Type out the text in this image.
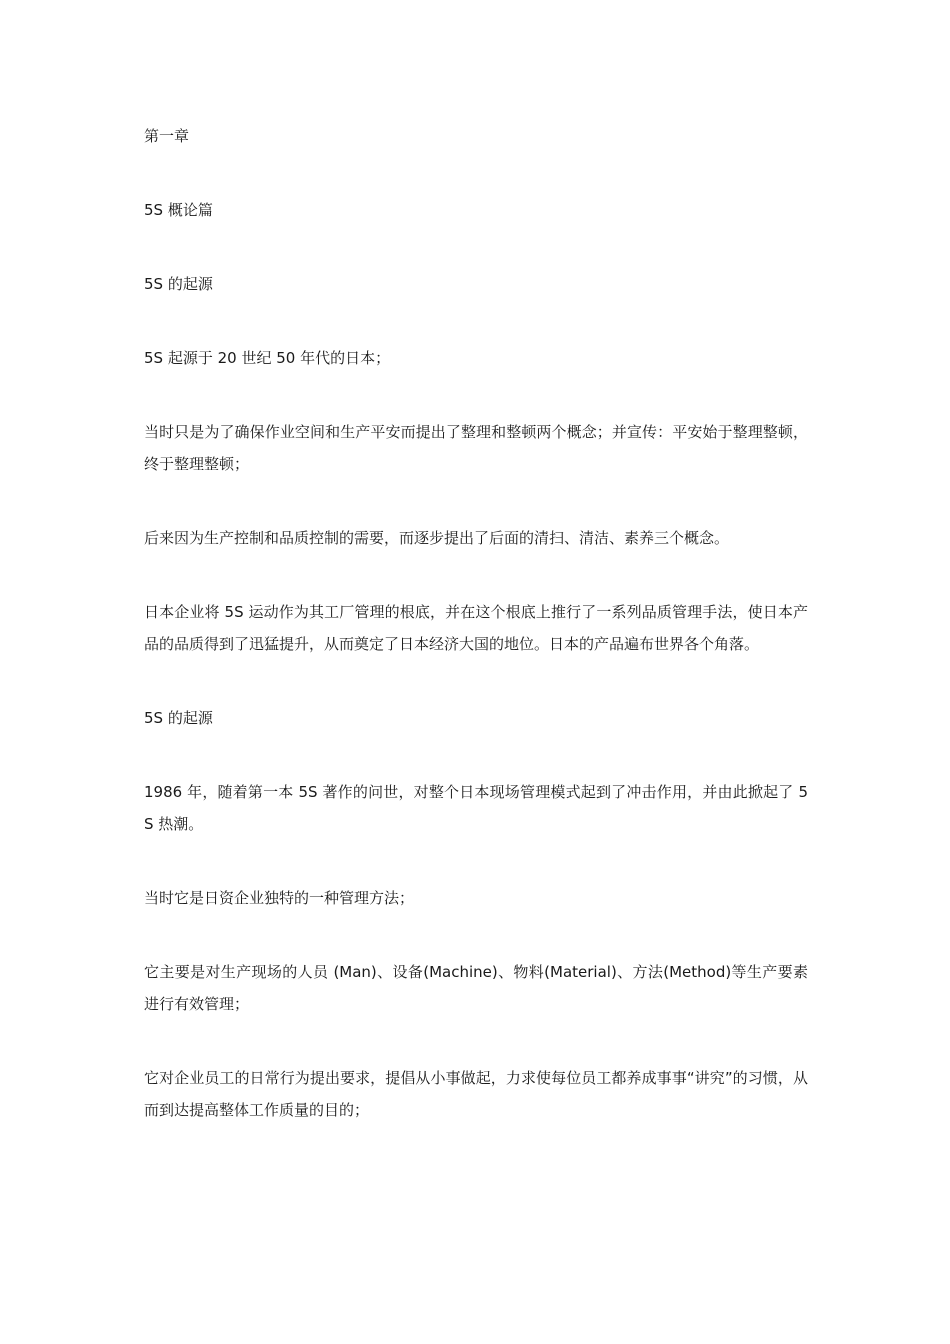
第一章

5S 概论篇

5S 的起源

5S 起源于 20 世纪 50 年代的日本；

当时只是为了确保作业空间和生产平安而提出了整理和整顿两个概念；并宣传：平安始于整理整顿，终于整理整顿；

后来因为生产控制和品质控制的需要，而逐步提出了后面的清扫、清洁、素养三个概念。

日本企业将 5S 运动作为其工厂管理的根底，并在这个根底上推行了一系列品质管理手法，使日本产品的品质得到了迅猛提升，从而奠定了日本经济大国的地位。日本的产品遍布世界各个角落。

5S 的起源

1986 年，随着第一本 5S 著作的问世，对整个日本现场管理模式起到了冲击作用，并由此掀起了 5S 热潮。

当时它是日资企业独特的一种管理方法；

它主要是对生产现场的人员 (Man)、设备(Machine)、物料(Material)、方法(Method)等生产要素进行有效管理；

它对企业员工的日常行为提出要求，提倡从小事做起，力求使每位员工都养成事事“讲究”的习惯，从而到达提高整体工作质量的目的；
